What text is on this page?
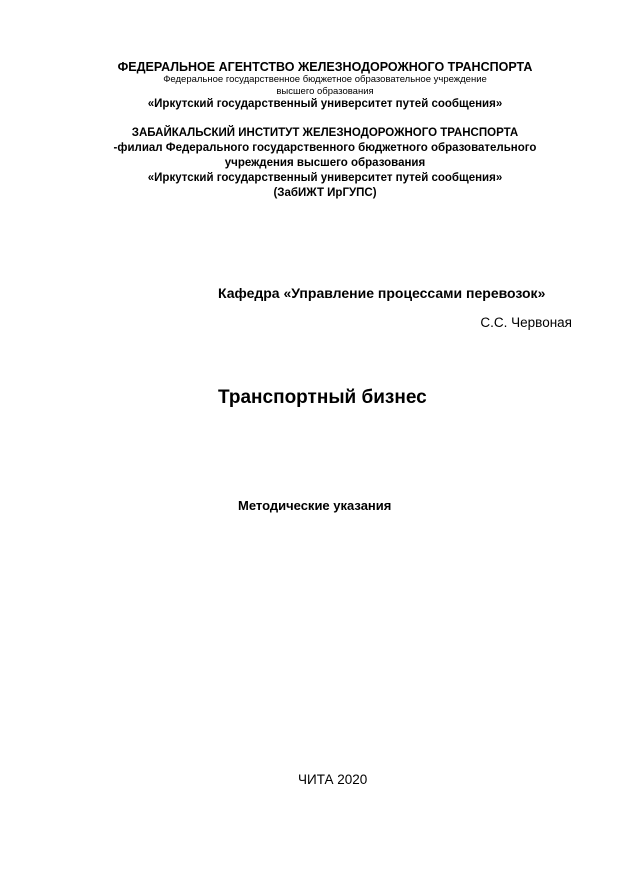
ФЕДЕРАЛЬНОЕ АГЕНТСТВО ЖЕЛЕЗНОДОРОЖНОГО ТРАНСПОРТА
Федеральное государственное бюджетное образовательное учреждение
высшего образования
«Иркутский государственный университет путей сообщения»
ЗАБАЙКАЛЬСКИЙ ИНСТИТУТ ЖЕЛЕЗНОДОРОЖНОГО ТРАНСПОРТА
-филиал Федерального государственного бюджетного образовательного
учреждения высшего образования
«Иркутский государственный университет путей сообщения»
(ЗабИЖТ ИрГУПС)
Кафедра «Управление процессами перевозок»
С.С. Червоная
Транспортный бизнес
Методические указания
ЧИТА 2020
